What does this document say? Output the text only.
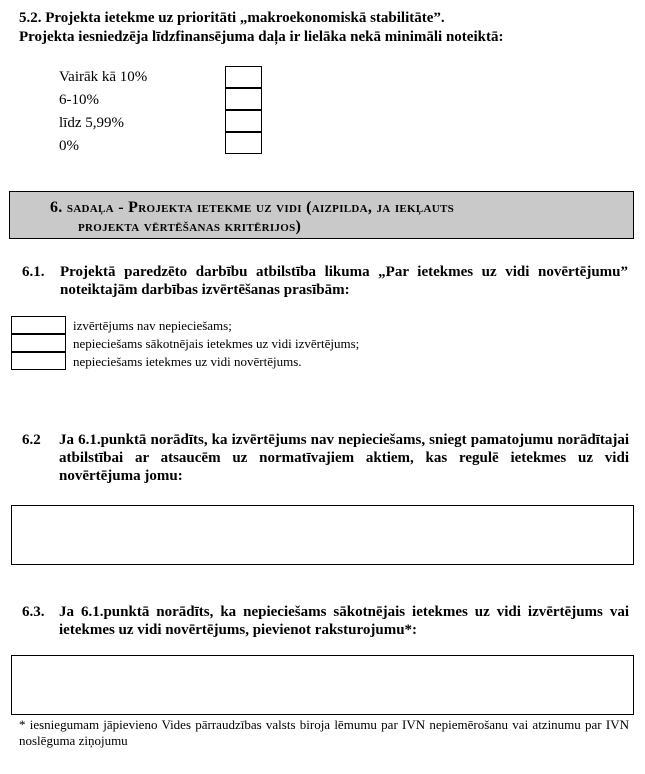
5.2. Projekta ietekme uz prioritāti „makroekonomiskā stabilitāte”.
Projekta iesniedzēja līdzfinansējuma daļa ir lielāka nekā minimāli noteiktā:
Vairāk kā 10%
6-10%
līdz 5,99%
0%
6. sadaļa - Projekta ietekme uz vidi (aizpilda, ja iekļauts
projekta vērtēšanas kritērijos)
6.1. Projektā paredzēto darbību atbilstība likuma „Par ietekmes uz vidi novērtējumu” noteiktajām darbības izvērtēšanas prasībām:
izvērtējums nav nepieciešams;
nepieciešams sākotnējais ietekmes uz vidi izvērtējums;
nepieciešams ietekmes uz vidi novērtējums.
6.2 Ja 6.1.punktā norādīts, ka izvērtējums nav nepieciešams, sniegt pamatojumu norādītajai atbilstībai ar atsaucēm uz normatīvajiem aktiem, kas regulē ietekmes uz vidi novērtējuma jomu:
6.3. Ja 6.1.punktā norādīts, ka nepieciešams sākotnējais ietekmes uz vidi izvērtējums vai ietekmes uz vidi novērtējums, pievienot raksturojumu*:
* iesniegumam jāpievieno Vides pārraudzības valsts biroja lēmumu par IVN nepiemērošanu vai atzinumu par IVN noslēguma ziņojumu
